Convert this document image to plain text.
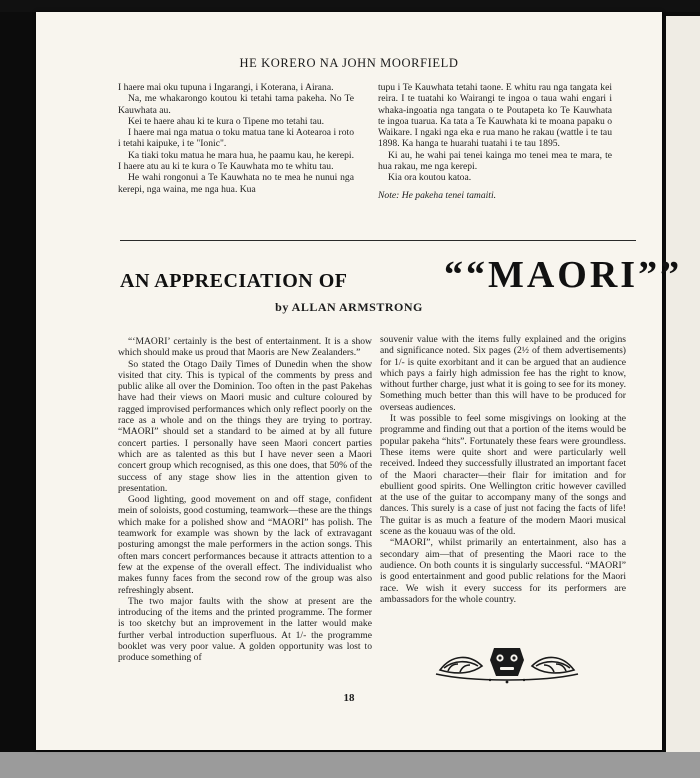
HE KORERO NA JOHN MOORFIELD

I haere mai oku tupuna i Ingarangi, i Koterana, i Airana.

Na, me whakarongo koutou ki tetahi tama pakeha. No Te Kauwhata au.

Kei te haere ahau ki te kura o Tipene mo tetahi tau.

I haere mai nga matua o toku matua tane ki Aotearoa i roto i tetahi kaipuke, i te "Ionic".

Ka tiaki toku matua he mara hua, he paamu kau, he kerepi. I haere atu au ki te kura o Te Kauwhata mo te whitu tau.

He wahi rongonui a Te Kauwhata no te mea he nunui nga kerepi, nga waina, me nga hua. Kua

tupu i Te Kauwhata tetahi taone. E whitu rau nga tangata kei reira. I te tuatahi ko Wairangi te ingoa o taua wahi engari i whaka-ingoatia nga tangata o te Poutapeta ko Te Kauwhata te ingoa tuarua. Ka tata a Te Kauwhata ki te moana papaku o Waikare. I ngaki nga eka e rua mano he rakau (wattle i te tau 1898. Ka hanga te huarahi tuatahi i te tau 1895.

Ki au, he wahi pai tenei kainga mo tenei mea te mara, te hua rakau, me nga kerepi.

Kia ora koutou katoa.

Note: He pakeha tenei tamaiti.

AN APPRECIATION OF	““MAORI””
by ALLAN ARMSTRONG

“‘MAORI’ certainly is the best of entertainment. It is a show which should make us proud that Maoris are New Zealanders.”

So stated the Otago Daily Times of Dunedin when the show visited that city. This is typical of the comments by press and public alike all over the Dominion. Too often in the past Pakehas have had their views on Maori music and culture coloured by ragged improvised performances which only reflect poorly on the race as a whole and on the things they are trying to portray. “MAORI” should set a standard to be aimed at by all future concert parties. I personally have seen Maori concert parties which are as talented as this but I have never seen a Maori concert group which recognised, as this one does, that 50% of the success of any stage show lies in the attention given to presentation.

Good lighting, good movement on and off stage, confident mein of soloists, good costuming, teamwork—these are the things which make for a polished show and “MAORI” has polish. The teamwork for example was shown by the lack of extravagant posturing amongst the male performers in the action songs. This often mars concert performances because it attracts attention to a few at the expense of the overall effect. The individualist who makes funny faces from the second row of the group was also refreshingly absent.

The two major faults with the show at present are the introducing of the items and the printed programme. The former is too sketchy but an improvement in the latter would make further verbal introduction superfluous. At 1/- the programme booklet was very poor value. A golden opportunity was lost to produce something of

souvenir value with the items fully explained and the origins and significance noted. Six pages (2½ of them advertisements) for 1/- is quite exorbitant and it can be argued that an audience which pays a fairly high admission fee has the right to know, without further charge, just what it is going to see for its money. Something much better than this will have to be produced for overseas audiences.

It was possible to feel some misgivings on looking at the programme and finding out that a portion of the items would be popular pakeha “hits”. Fortunately these fears were groundless. These items were quite short and were particularly well received. Indeed they successfully illustrated an important facet of the Maori character—their flair for imitation and for ebullient good spirits. One Wellington critic however cavilled at the use of the guitar to accompany many of the songs and dances. This surely is a case of just not facing the facts of life! The guitar is as much a feature of the modern Maori musical scene as the kouauu was of the old.

“MAORI”, whilst primarily an entertainment, also has a secondary aim—that of presenting the Maori race to the audience. On both counts it is singularly successful. “MAORI” is good entertainment and good public relations for the Maori race. We wish it every success for its performers are ambassadors for the whole country.

18
